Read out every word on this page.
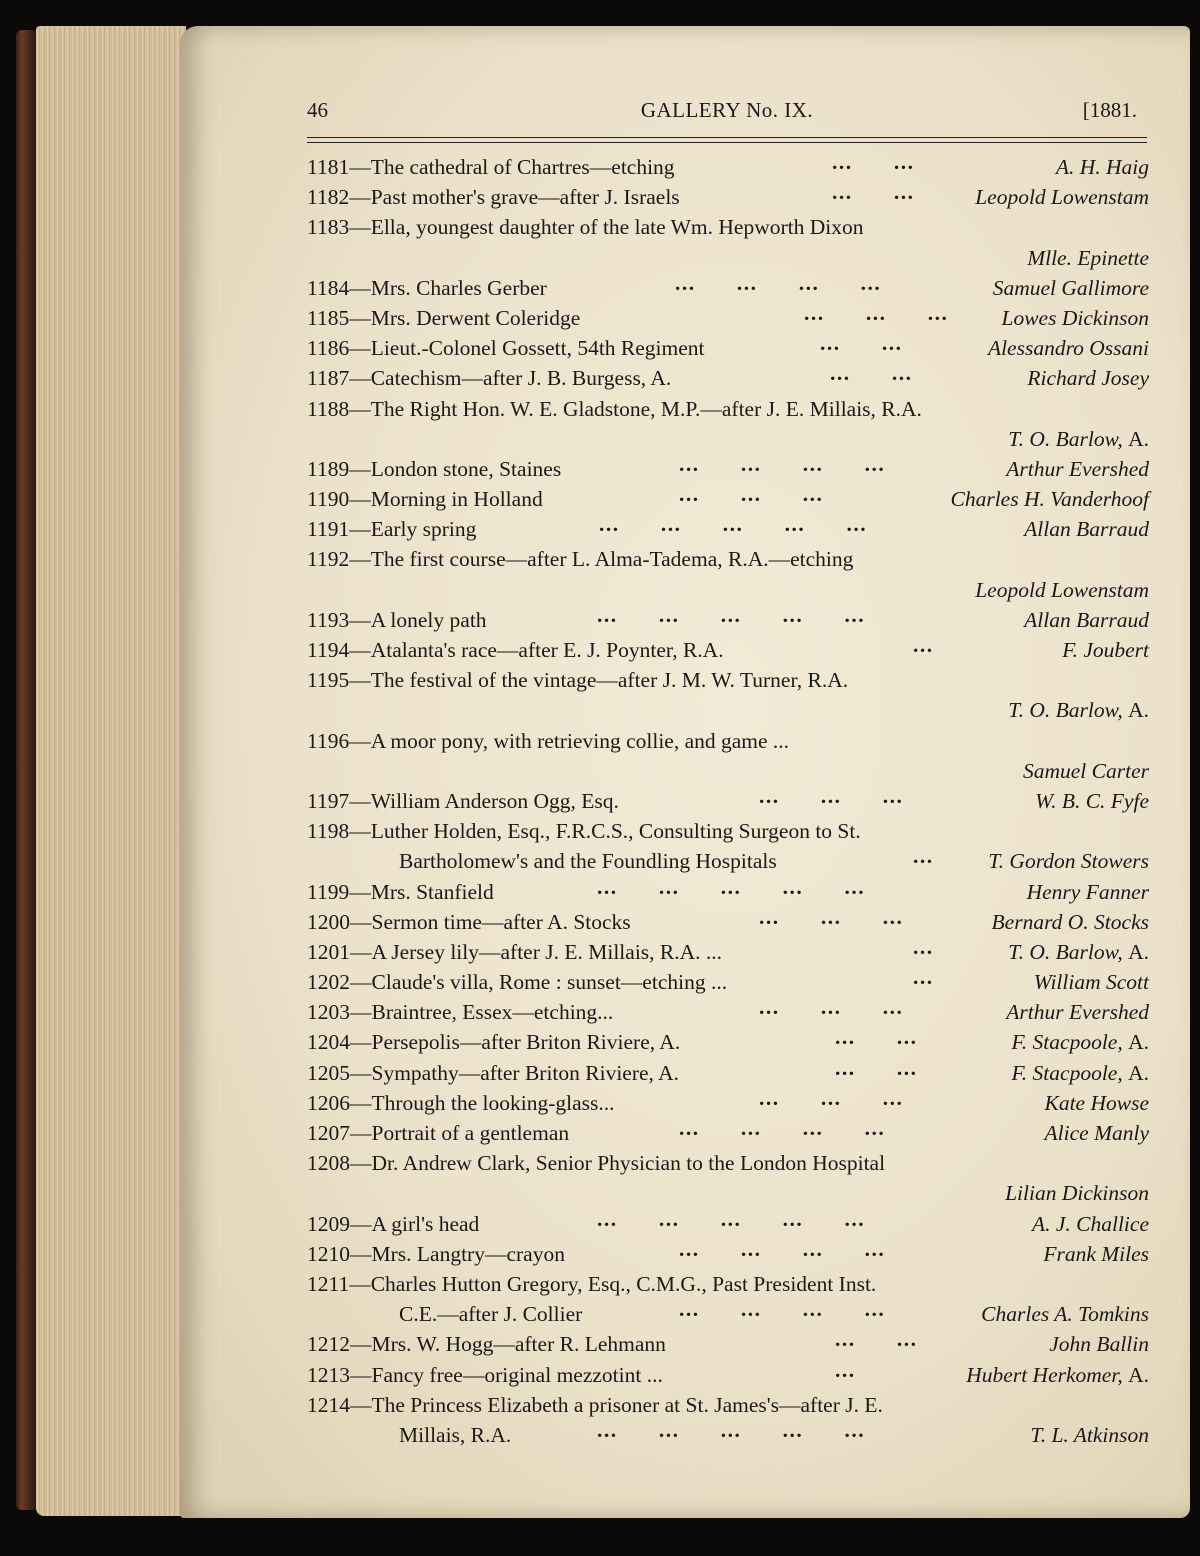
46	GALLERY No. IX.	[1881.
1181—The cathedral of Chartres—etching	...      ...	A. H. Haig
1182—Past mother's grave—after J. Israels	...      ...	Leopold Lowenstam
1183—Ella, youngest daughter of the late Wm. Hepworth Dixon
Mlle. Epinette
1184—Mrs. Charles Gerber	...      ...      ...      ...	Samuel Gallimore
1185—Mrs. Derwent Coleridge	...      ...      ... Lowes Dickinson
1186—Lieut.-Colonel Gossett, 54th Regiment	...      ...	Alessandro Ossani
1187—Catechism—after J. B. Burgess, A.	...      ...	Richard Josey
1188—The Right Hon. W. E. Gladstone, M.P.—after J. E. Millais, R.A.
T. O. Barlow, A.
1189—London stone, Staines	...      ...      ...      ...	Arthur Evershed
1190—Morning in Holland	...      ...      ...	Charles H. Vanderhoof
1191—Early spring	...      ...      ...      ...      ...	Allan Barraud
1192—The first course—after L. Alma-Tadema, R.A.—etching
Leopold Lowenstam
1193—A lonely path	...      ...      ...      ...      ...	Allan Barraud
1194—Atalanta's race—after E. J. Poynter, R.A.	...	F. Joubert
1195—The festival of the vintage—after J. M. W. Turner, R.A.
T. O. Barlow, A.
1196—A moor pony, with retrieving collie, and game ...
Samuel Carter
1197—William Anderson Ogg, Esq.	...      ...      ...	W. B. C. Fyfe
1198—Luther Holden, Esq., F.R.C.S., Consulting Surgeon to St.
Bartholomew's and the Foundling Hospitals	...	T. Gordon Stowers
1199—Mrs. Stanfield	...      ...      ...      ...      ...	Henry Fanner
1200—Sermon time—after A. Stocks	...      ...      ...	Bernard O. Stocks
1201—A Jersey lily—after J. E. Millais, R.A. ...	...	T. O. Barlow, A.
1202—Claude's villa, Rome : sunset—etching ...	...	William Scott
1203—Braintree, Essex—etching...	...      ...      ...	Arthur Evershed
1204—Persepolis—after Briton Riviere, A.	...      ...	F. Stacpoole, A.
1205—Sympathy—after Briton Riviere, A.	...      ...	F. Stacpoole, A.
1206—Through the looking-glass...	...      ...      ...	Kate Howse
1207—Portrait of a gentleman	...      ...      ...      ...	Alice Manly
1208—Dr. Andrew Clark, Senior Physician to the London Hospital
Lilian Dickinson
1209—A girl's head	...      ...      ...      ...      ...	A. J. Challice
1210—Mrs. Langtry—crayon	...      ...      ...      ...	Frank Miles
1211—Charles Hutton Gregory, Esq., C.M.G., Past President Inst.
C.E.—after J. Collier	...      ...      ...      ...	Charles A. Tomkins
1212—Mrs. W. Hogg—after R. Lehmann	...      ...	John Ballin
1213—Fancy free—original mezzotint ...	...	Hubert Herkomer, A.
1214—The Princess Elizabeth a prisoner at St. James's—after J. E.
Millais, R.A.	...      ...      ...      ...      ...	T. L. Atkinson
